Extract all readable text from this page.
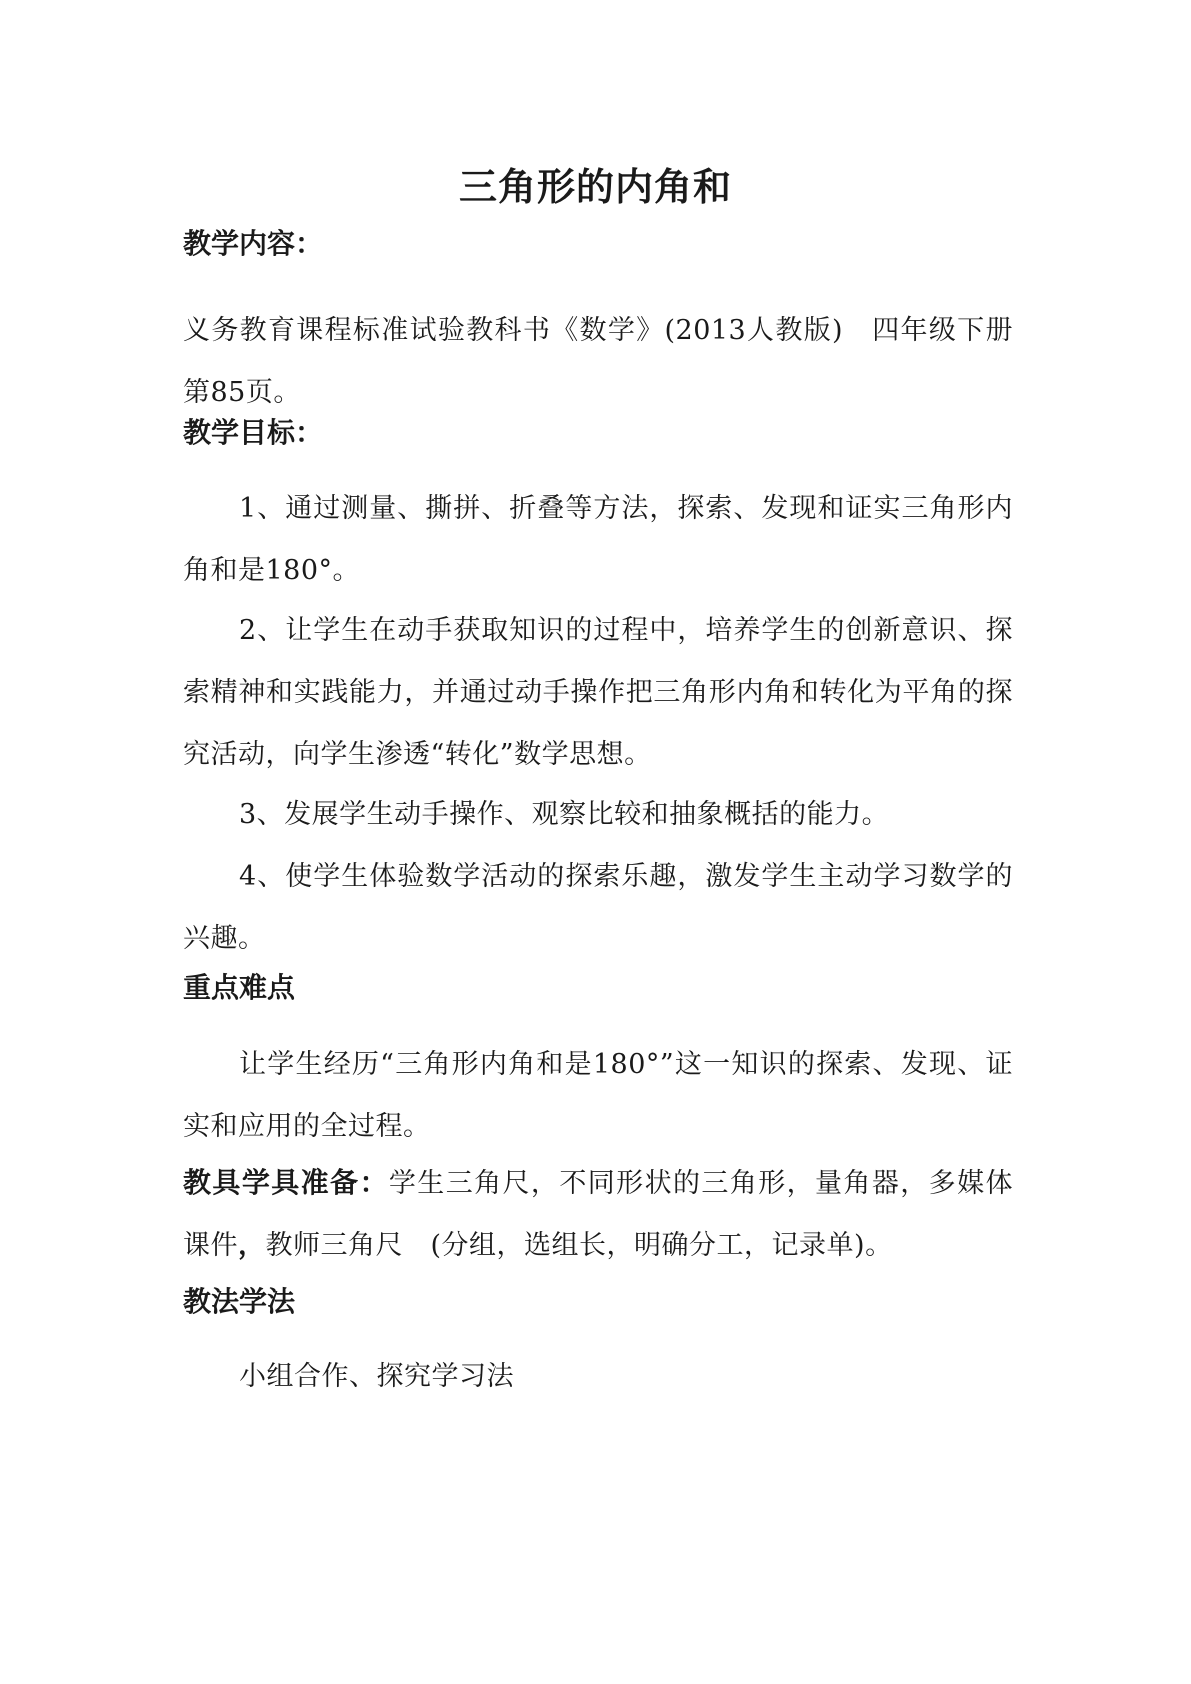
三角形的内角和
教学内容：
义务教育课程标准试验教科书《数学》(2013人教版)　四年级下册第85页。
教学目标：
1、通过测量、撕拼、折叠等方法，探索、发现和证实三角形内角和是180°。
2、让学生在动手获取知识的过程中，培养学生的创新意识、探索精神和实践能力，并通过动手操作把三角形内角和转化为平角的探究活动，向学生渗透“转化”数学思想。
3、发展学生动手操作、观察比较和抽象概括的能力。
4、使学生体验数学活动的探索乐趣，激发学生主动学习数学的兴趣。
重点难点
让学生经历“三角形内角和是180°”这一知识的探索、发现、证实和应用的全过程。
教具学具准备：学生三角尺，不同形状的三角形，量角器，多媒体课件，教师三角尺　(分组，选组长，明确分工，记录单)。
教法学法
小组合作、探究学习法
